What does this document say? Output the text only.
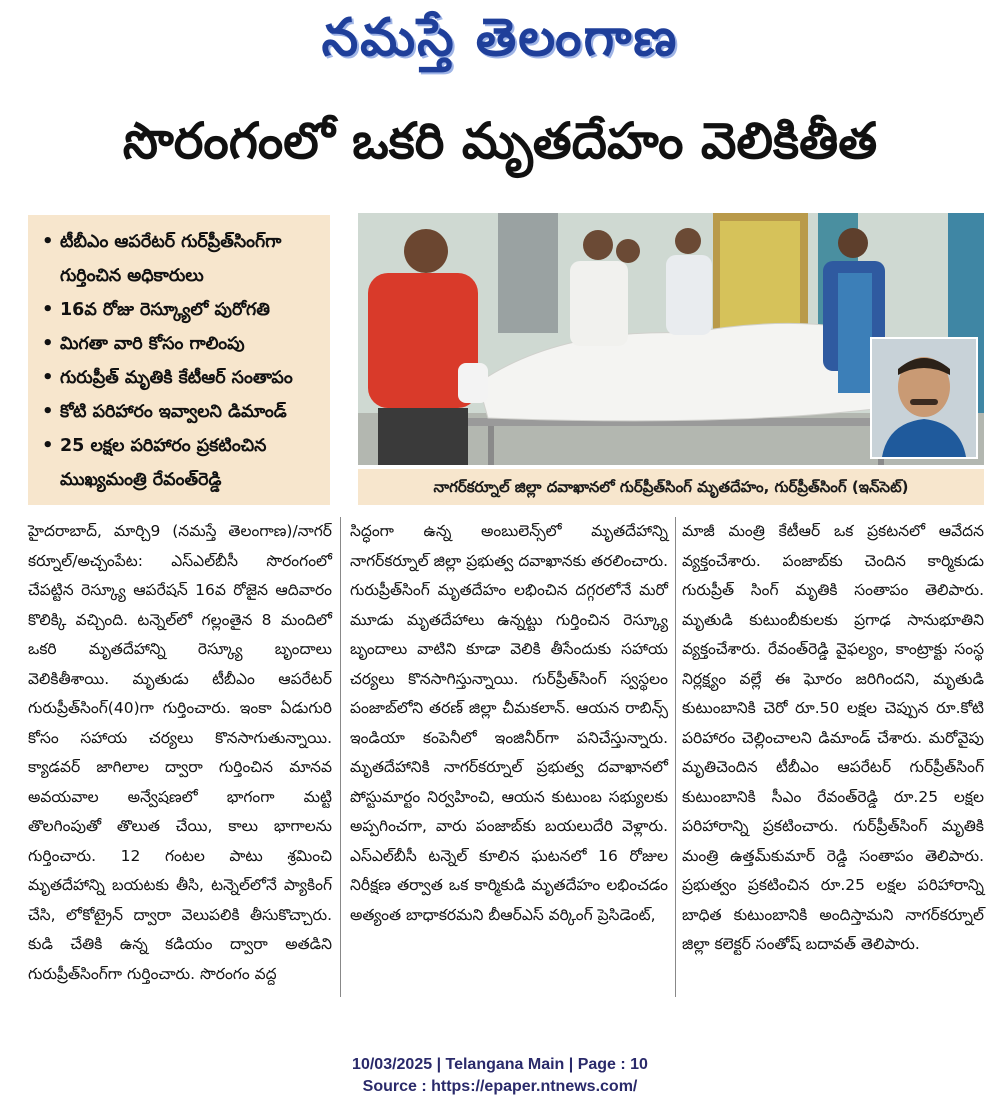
నమస్తే తెలంగాణ
సొరంగంలో ఒకరి మృతదేహం వెలికితీత
• టీబీఎం ఆపరేటర్ గుర్‌ప్రీత్‌సింగ్‌గా
గుర్తించిన అధికారులు
• 16వ రోజు రెస్క్యూలో పురోగతి
• మిగతా వారి కోసం గాలింపు
• గురుప్రీత్ మృతికి కేటీఆర్ సంతాపం
• కోటి పరిహారం ఇవ్వాలని డిమాండ్
• 25 లక్షల పరిహారం ప్రకటించిన
ముఖ్యమంత్రి రేవంత్‌రెడ్డి	నాగర్‌కర్నూల్ జిల్లా దవాఖానలో గుర్‌ప్రీత్‌సింగ్ మృతదేహం, గుర్‌ప్రీత్‌సింగ్ (ఇన్‌సెట్)

హైదరాబాద్, మార్చి9 (నమస్తే తెలంగాణ)/నాగర్ కర్నూల్/అచ్చంపేట: ఎస్‌ఎల్‌బీసీ సొరంగంలో చేపట్టిన రెస్క్యూ ఆపరేషన్ 16వ రోజైన ఆదివారం కొలిక్కి వచ్చింది. టన్నెల్‌లో గల్లంతైన 8 మందిలో ఒకరి మృతదేహాన్ని రెస్క్యూ బృందాలు వెలికితీశాయి. మృతుడు టీబీఎం ఆపరేటర్ గురుప్రీత్‌సింగ్(40)గా గుర్తించారు. ఇంకా ఏడుగురి కోసం సహాయ చర్యలు కొనసాగుతున్నాయి. క్యాడవర్ జాగిలాల ద్వారా గుర్తించిన మానవ అవయవాల అన్వేషణలో భాగంగా మట్టి తొలగింపుతో తొలుత చేయి, కాలు భాగాలను గుర్తించారు. 12 గంటల పాటు శ్రమించి మృతదేహాన్ని బయటకు తీసి, టన్నెల్‌లోనే ప్యాకింగ్ చేసి, లోకోట్రైన్ ద్వారా వెలుపలికి తీసుకొచ్చారు. కుడి చేతికి ఉన్న కడియం ద్వారా అతడిని గురుప్రీత్‌సింగ్‌గా గుర్తించారు. సొరంగం వద్ద

సిద్ధంగా ఉన్న అంబులెన్స్‌లో మృతదేహాన్ని నాగర్‌కర్నూల్ జిల్లా ప్రభుత్వ దవాఖానకు తరలించారు. గురుప్రీత్‌సింగ్ మృతదేహం లభించిన దగ్గరలోనే మరో మూడు మృతదేహాలు ఉన్నట్టు గుర్తించిన రెస్క్యూ బృందాలు వాటిని కూడా వెలికి తీసేందుకు సహాయ చర్యలు కొనసాగిస్తున్నాయి. గుర్‌ప్రీత్‌సింగ్ స్వస్థలం పంజాబ్‌లోని తరణ్ జిల్లా చీమకలాన్. ఆయన రాబిన్స్ ఇండియా కంపెనీలో ఇంజినీర్‌గా పనిచేస్తున్నారు. మృతదేహానికి నాగర్‌కర్నూల్ ప్రభుత్వ దవాఖానలో పోస్టుమార్టం నిర్వహించి, ఆయన కుటుంబ సభ్యులకు అప్పగించగా, వారు పంజాబ్‌కు బయలుదేరి వెళ్లారు. ఎస్‌ఎల్‌బీసీ టన్నెల్ కూలిన ఘటనలో 16 రోజుల నిరీక్షణ తర్వాత ఒక కార్మికుడి మృతదేహం లభించడం అత్యంత బాధాకరమని బీఆర్‌ఎస్ వర్కింగ్ ప్రెసిడెంట్,

మాజీ మంత్రి కేటీఆర్ ఒక ప్రకటనలో ఆవేదన వ్యక్తంచేశారు. పంజాబ్‌కు చెందిన కార్మికుడు గురుప్రీత్ సింగ్ మృతికి సంతాపం తెలిపారు. మృతుడి కుటుంబీకులకు ప్రగాఢ సానుభూతిని వ్యక్తంచేశారు. రేవంత్‌రెడ్డి వైఫల్యం, కాంట్రాక్టు సంస్థ నిర్లక్ష్యం వల్లే ఈ ఘోరం జరిగిందని, మృతుడి కుటుంబానికి చెరో రూ.50 లక్షల చెప్పున రూ.కోటి పరిహారం చెల్లించాలని డిమాండ్ చేశారు. మరోవైపు మృతిచెందిన టీబీఎం ఆపరేటర్ గుర్‌ప్రీత్‌సింగ్ కుటుంబానికి సీఎం రేవంత్‌రెడ్డి రూ.25 లక్షల పరిహారాన్ని ప్రకటించారు. గుర్‌ప్రీత్‌సింగ్ మృతికి మంత్రి ఉత్తమ్‌కుమార్ రెడ్డి సంతాపం తెలిపారు. ప్రభుత్వం ప్రకటించిన రూ.25 లక్షల పరిహారాన్ని బాధిత కుటుంబానికి అందిస్తామని నాగర్‌కర్నూల్ జిల్లా కలెక్టర్ సంతోష్ బదావత్ తెలిపారు.

10/03/2025 | Telangana Main | Page : 10
Source : https://epaper.ntnews.com/
